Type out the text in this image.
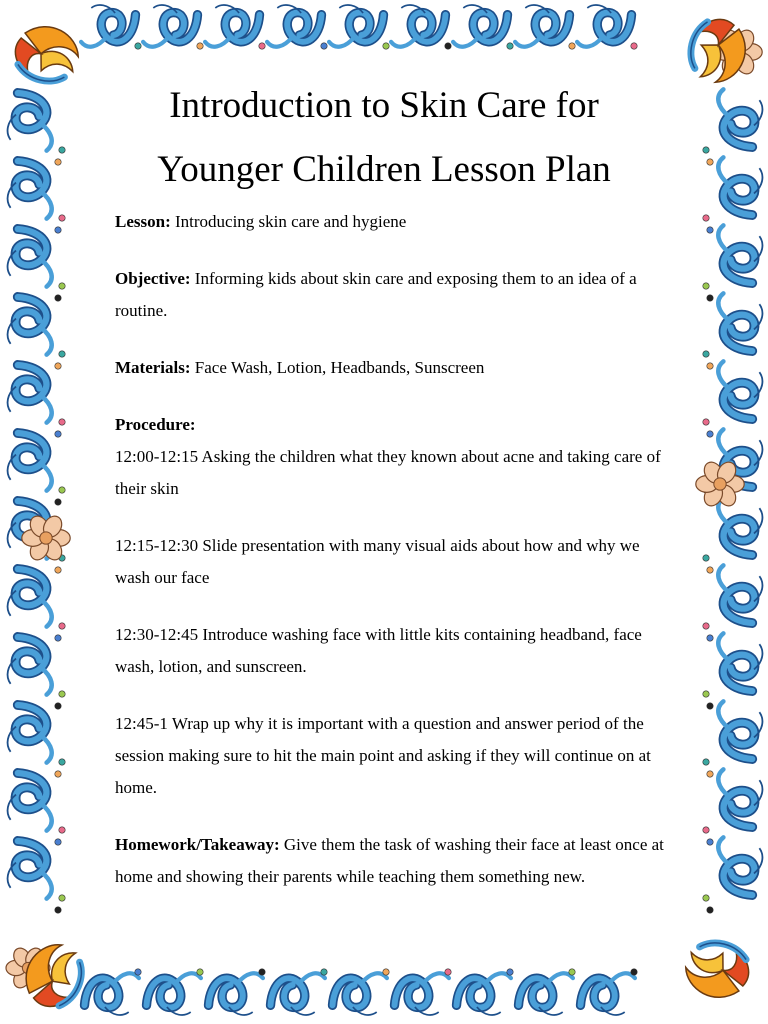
Introduction to Skin Care for
Younger Children Lesson Plan

Lesson: Introducing skin care and hygiene

Objective: Informing kids about skin care and exposing them to an idea of a routine.

Materials: Face Wash, Lotion, Headbands, Sunscreen

Procedure:

12:00-12:15 Asking the children what they known about acne and taking care of their skin

12:15-12:30 Slide presentation with many visual aids about how and why we wash our face

12:30-12:45 Introduce washing face with little kits containing headband, face wash, lotion, and sunscreen.

12:45-1 Wrap up why it is important with a question and answer period of the session making sure to hit the main point and asking if they will continue on at home.

Homework/Takeaway: Give them the task of washing their face at least once at home and showing their parents while teaching them something new.
